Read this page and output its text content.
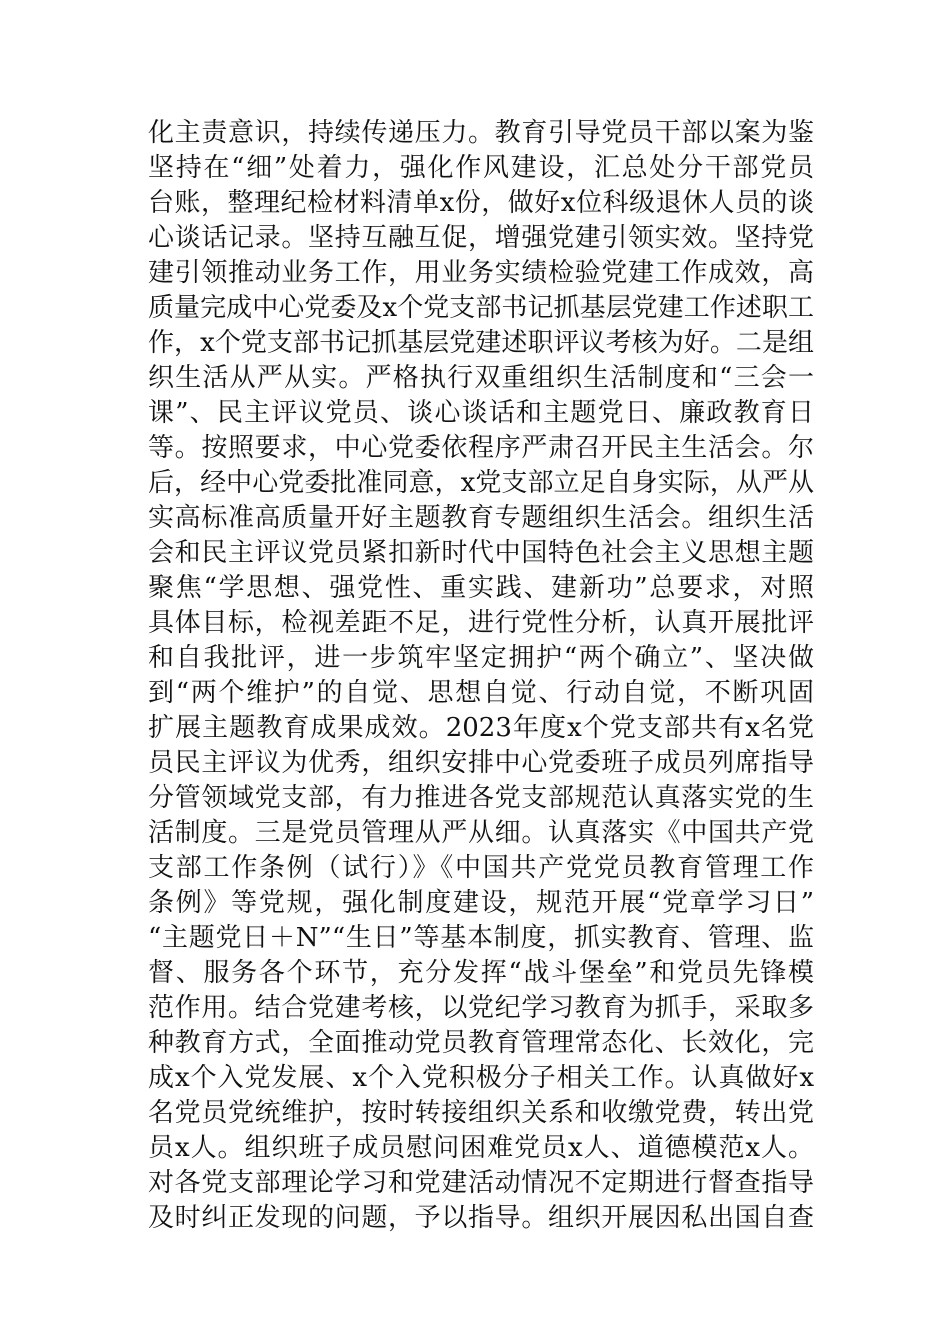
化主责意识，持续传递压力。教育引导党员干部以案为鉴
坚持在“细”处着力，强化作风建设，汇总处分干部党员
台账，整理纪检材料清单x份，做好x位科级退休人员的谈
心谈话记录。坚持互融互促，增强党建引领实效。坚持党
建引领推动业务工作，用业务实绩检验党建工作成效，高
质量完成中心党委及x个党支部书记抓基层党建工作述职工
作，x个党支部书记抓基层党建述职评议考核为好。二是组
织生活从严从实。严格执行双重组织生活制度和“三会一
课”、民主评议党员、谈心谈话和主题党日、廉政教育日
等。按照要求，中心党委依程序严肃召开民主生活会。尔
后，经中心党委批准同意，x党支部立足自身实际，从严从
实高标准高质量开好主题教育专题组织生活会。组织生活
会和民主评议党员紧扣新时代中国特色社会主义思想主题
聚焦“学思想、强党性、重实践、建新功”总要求，对照
具体目标，检视差距不足，进行党性分析，认真开展批评
和自我批评，进一步筑牢坚定拥护“两个确立”、坚决做
到“两个维护”的自觉、思想自觉、行动自觉，不断巩固
扩展主题教育成果成效。2023年度x个党支部共有x名党
员民主评议为优秀，组织安排中心党委班子成员列席指导
分管领域党支部，有力推进各党支部规范认真落实党的生
活制度。三是党员管理从严从细。认真落实《中国共产党
支部工作条例（试行）》《中国共产党党员教育管理工作
条例》等党规，强化制度建设，规范开展“党章学习日”
“主题党日＋N”“生日”等基本制度，抓实教育、管理、监
督、服务各个环节，充分发挥“战斗堡垒”和党员先锋模
范作用。结合党建考核，以党纪学习教育为抓手，采取多
种教育方式，全面推动党员教育管理常态化、长效化，完
成x个入党发展、x个入党积极分子相关工作。认真做好x
名党员党统维护，按时转接组织关系和收缴党费，转出党
员x人。组织班子成员慰问困难党员x人、道德模范x人。
对各党支部理论学习和党建活动情况不定期进行督查指导
及时纠正发现的问题，予以指导。组织开展因私出国自查
